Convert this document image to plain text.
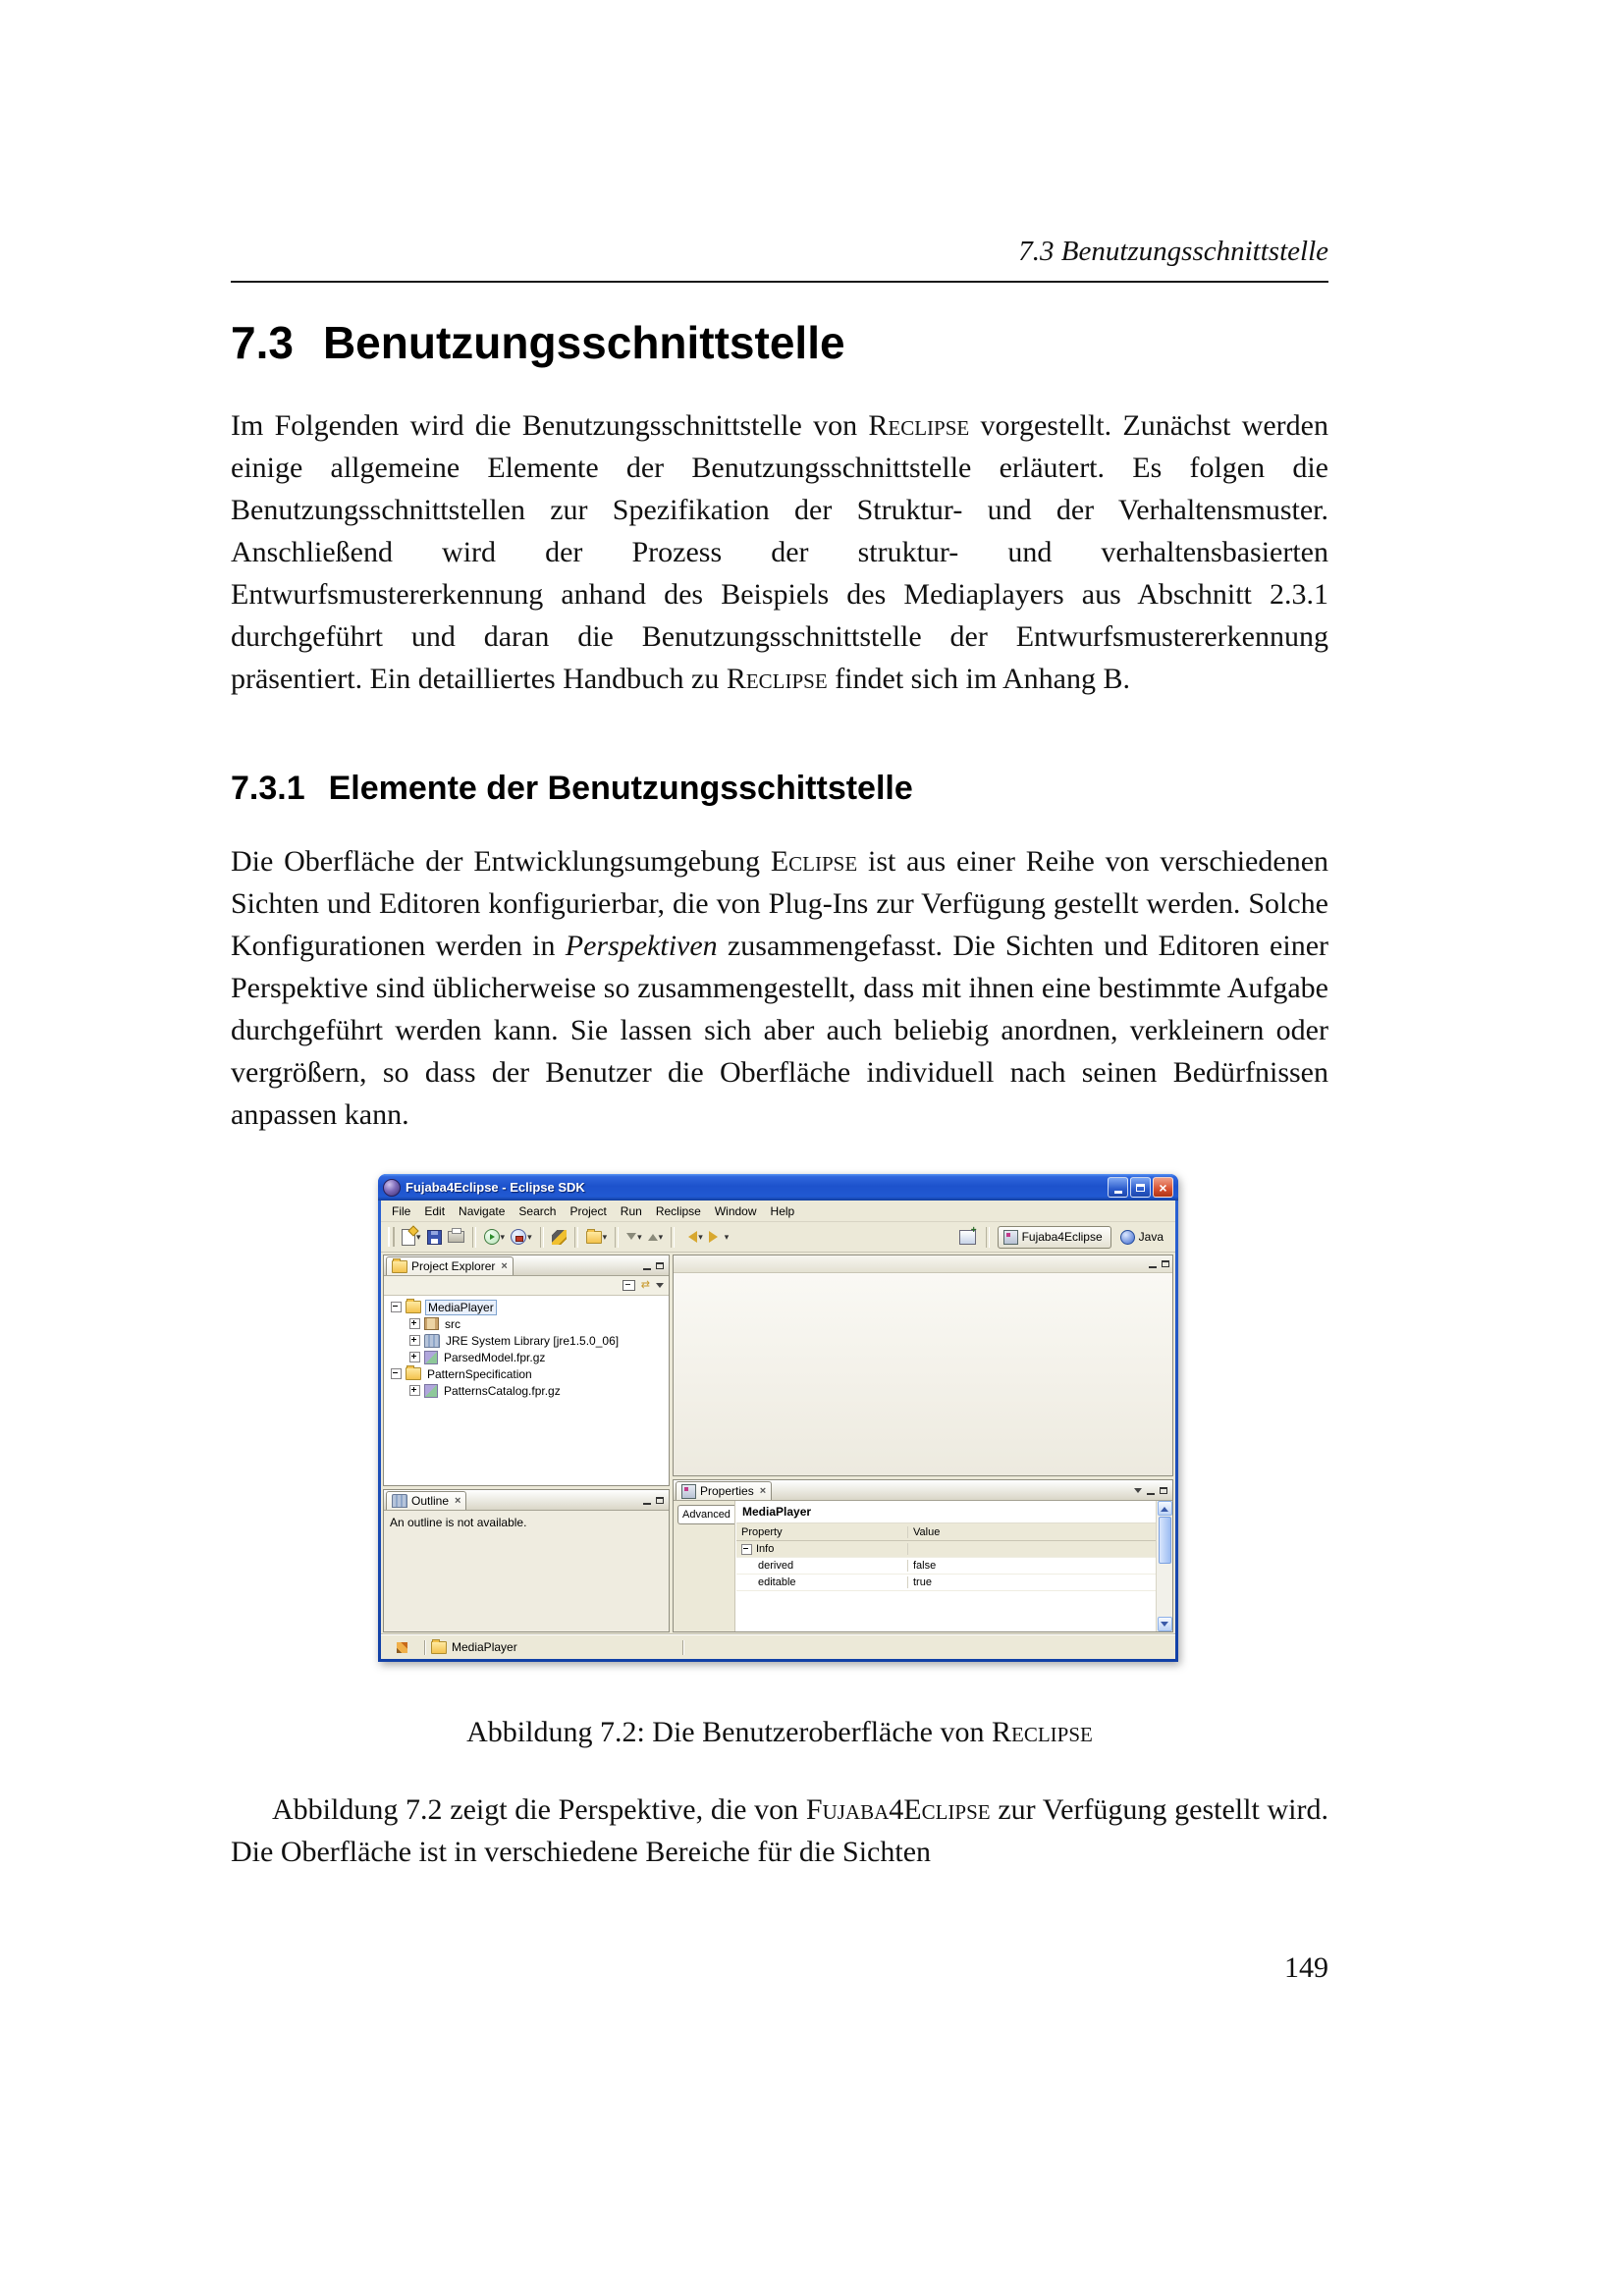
7.3 Benutzungsschnittstelle
7.3 Benutzungsschnittstelle

Im Folgenden wird die Benutzungsschnittstelle von Reclipse vorgestellt. Zunächst werden einige allgemeine Elemente der Benutzungsschnittstelle erläutert. Es folgen die Benutzungsschnittstellen zur Spezifikation der Struktur- und der Verhaltensmuster. Anschließend wird der Prozess der struktur- und verhaltensbasierten Entwurfsmustererkennung anhand des Beispiels des Mediaplayers aus Abschnitt 2.3.1 durchgeführt und daran die Benutzungsschnittstelle der Entwurfsmustererkennung präsentiert. Ein detailliertes Handbuch zu Reclipse findet sich im Anhang B.

7.3.1 Elemente der Benutzungsschittstelle

Die Oberfläche der Entwicklungsumgebung Eclipse ist aus einer Reihe von verschiedenen Sichten und Editoren konfigurierbar, die von Plug-Ins zur Verfügung gestellt werden. Solche Konfigurationen werden in Perspektiven zusammengefasst. Die Sichten und Editoren einer Perspektive sind üblicherweise so zusammengestellt, dass mit ihnen eine bestimmte Aufgabe durchgeführt werden kann. Sie lassen sich aber auch beliebig anordnen, verkleinern oder vergrößern, so dass der Benutzer die Oberfläche individuell nach seinen Bedürfnissen anpassen kann.

Fujaba4Eclipse - Eclipse SDK	×
File	Edit	Navigate	Search	Project	Run	Reclipse	Window	Help
▾
▾
▾
▾
▾
▾
▾
▾
+
Fujaba4Eclipse	Java
Project Explorer ×
⇄
MediaPlayer
src
JRE System Library [jre1.5.0_06]
ParsedModel.fpr.gz
PatternSpecification
PatternsCatalog.fpr.gz
Outline ×
An outline is not available.
Properties ×
Advanced	MediaPlayer
Property	Value
Info
derived	false
editable	true
MediaPlayer
Abbildung 7.2: Die Benutzeroberfläche von Reclipse

Abbildung 7.2 zeigt die Perspektive, die von Fujaba4Eclipse zur Verfügung gestellt wird. Die Oberfläche ist in verschiedene Bereiche für die Sichten

149
